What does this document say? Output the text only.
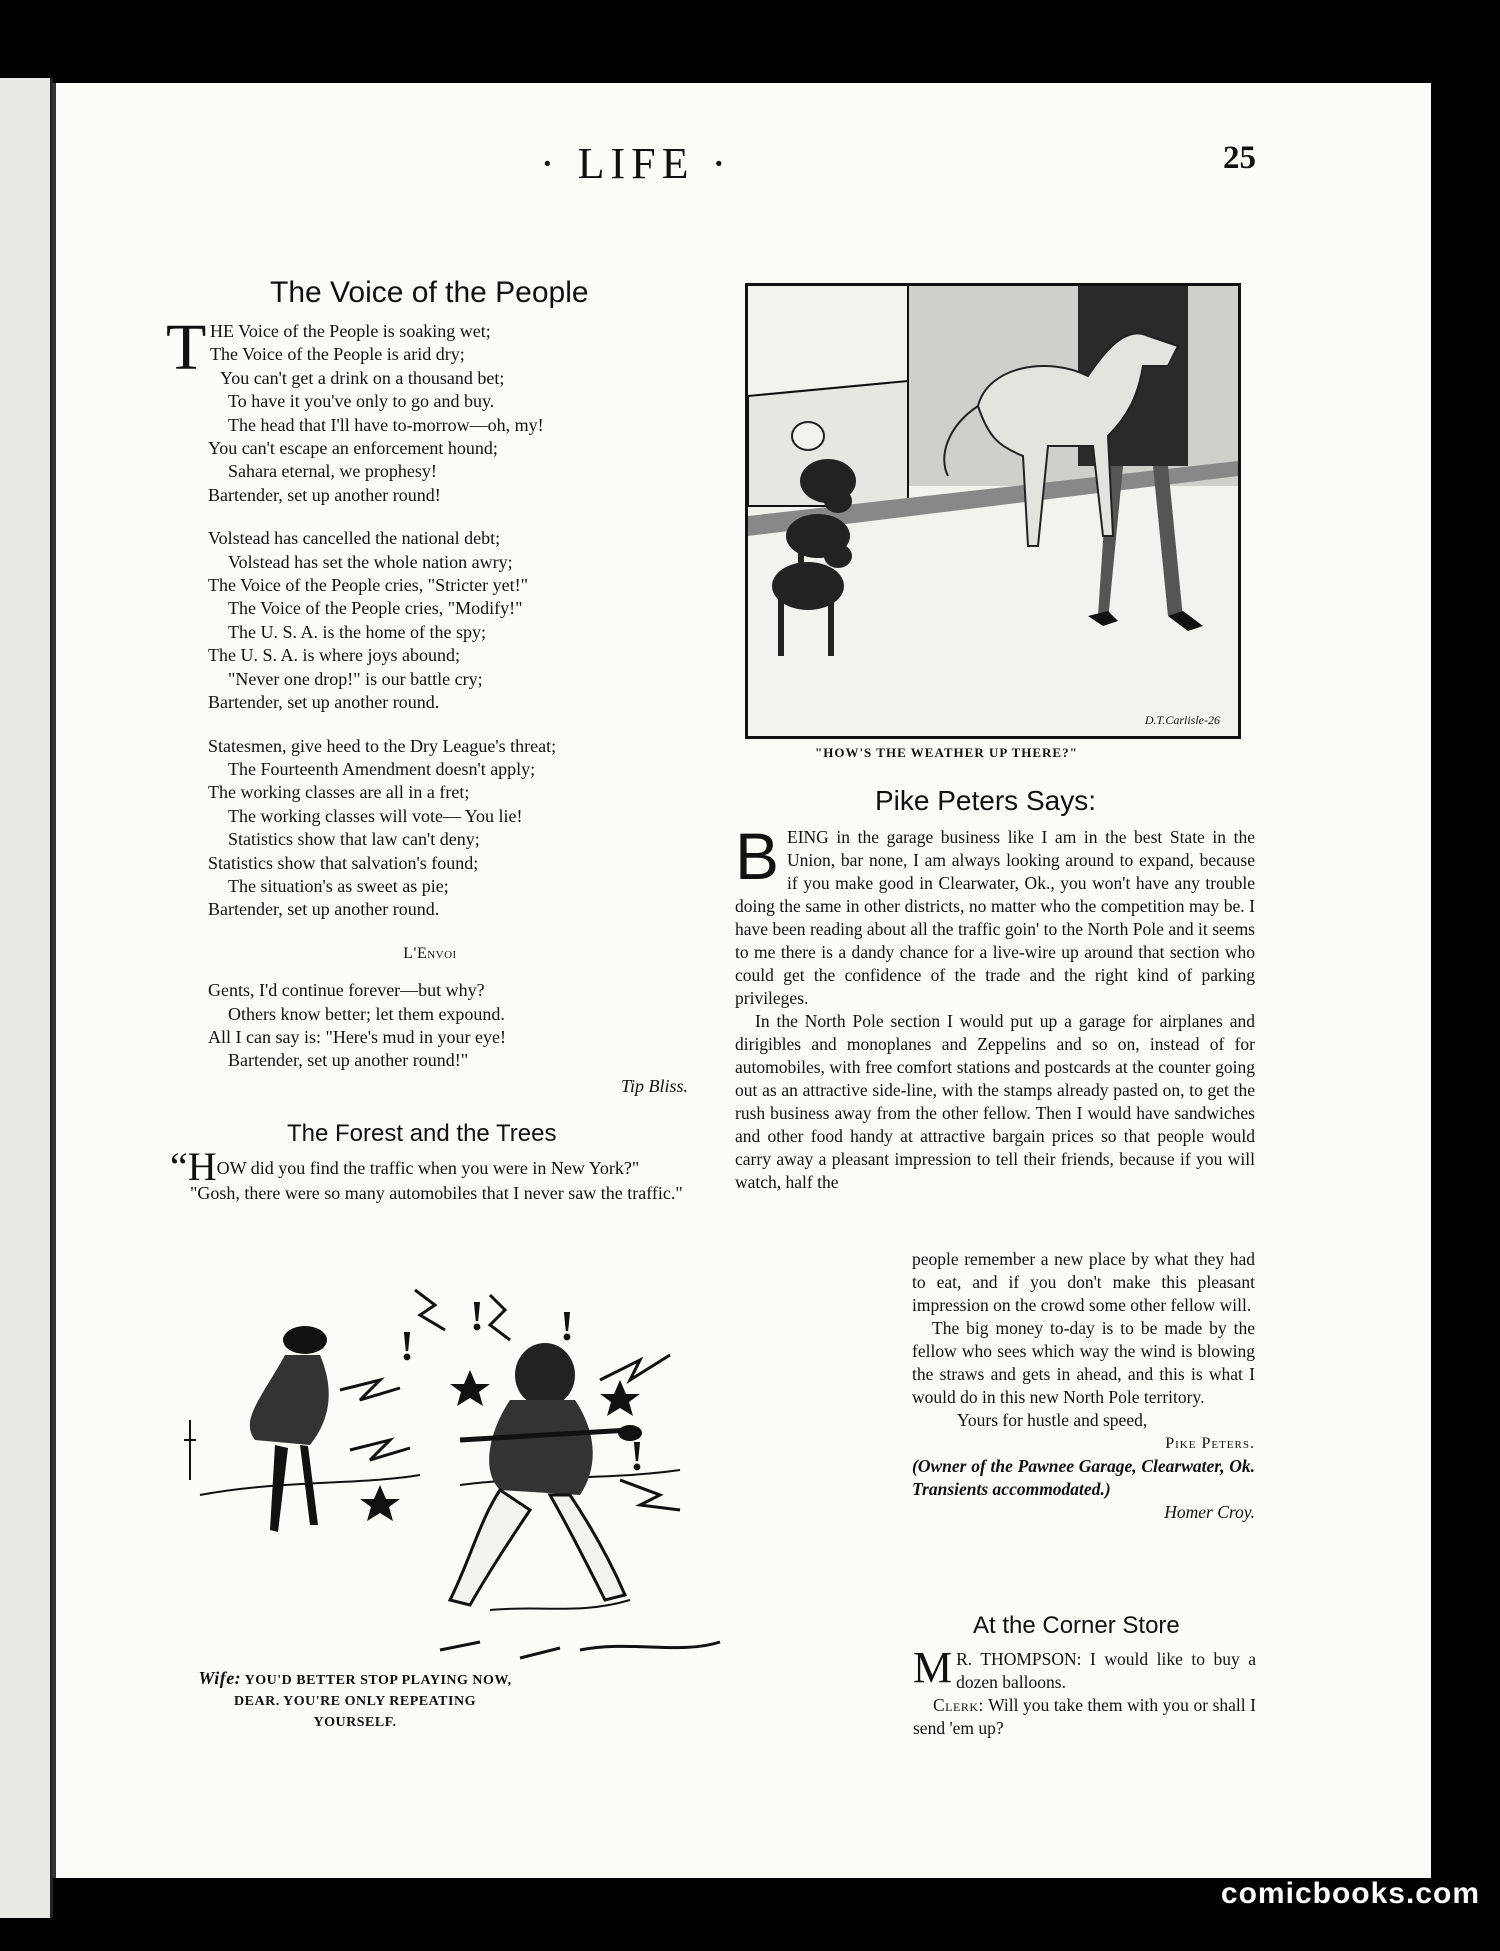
· LIFE ·	25
The Voice of the People
T HE Voice of the People is soaking wet;
The Voice of the People is arid dry;
You can't get a drink on a thousand bet;
To have it you've only to go and buy.
The head that I'll have to-morrow—oh, my!
You can't escape an enforcement hound;
Sahara eternal, we prophesy!
Bartender, set up another round!
Volstead has cancelled the national debt;
Volstead has set the whole nation awry;
The Voice of the People cries, "Stricter yet!"
The Voice of the People cries, "Modify!"
The U. S. A. is the home of the spy;
The U. S. A. is where joys abound;
"Never one drop!" is our battle cry;
Bartender, set up another round.
Statesmen, give heed to the Dry League's threat;
The Fourteenth Amendment doesn't apply;
The working classes are all in a fret;
The working classes will vote— You lie!
Statistics show that law can't deny;
Statistics show that salvation's found;
The situation's as sweet as pie;
Bartender, set up another round.
L'Envoi
Gents, I'd continue forever—but why?
Others know better; let them expound.
All I can say is: "Here's mud in your eye!
Bartender, set up another round!"
Tip Bliss.
The Forest and the Trees
“HOW did you find the traffic when you were in New York?"
"Gosh, there were so many automobiles that I never saw the traffic."
D.T.Carlisle-26
"HOW'S THE WEATHER UP THERE?"
Pike Peters Says:

BEING in the garage business like I am in the best State in the Union, bar none, I am always looking around to expand, because if you make good in Clearwater, Ok., you won't have any trouble doing the same in other districts, no matter who the competition may be. I have been reading about all the traffic goin' to the North Pole and it seems to me there is a dandy chance for a live-wire up around that section who could get the confidence of the trade and the right kind of parking privileges.

In the North Pole section I would put up a garage for airplanes and dirigibles and monoplanes and Zeppelins and so on, instead of for automobiles, with free comfort stations and postcards at the counter going out as an attractive side-line, with the stamps already pasted on, to get the rush business away from the other fellow. Then I would have sandwiches and other food handy at attractive bargain prices so that people would carry away a pleasant impression to tell their friends, because if you will watch, half the

people remember a new place by what they had to eat, and if you don't make this pleasant impression on the crowd some other fellow will.

The big money to-day is to be made by the fellow who sees which way the wind is blowing the straws and gets in ahead, and this is what I would do in this new North Pole territory.

Yours for hustle and speed,

Pike Peters.

(Owner of the Pawnee Garage, Clearwater, Ok. Transients accommodated.)

Homer Croy.

!
! !
!
Wife: YOU'D BETTER STOP PLAYING NOW, DEAR. YOU'RE ONLY REPEATING YOURSELF.
At the Corner Store

M R. THOMPSON: I would like to buy a dozen balloons.

Clerk: Will you take them with you or shall I send 'em up?

comicbooks.com
